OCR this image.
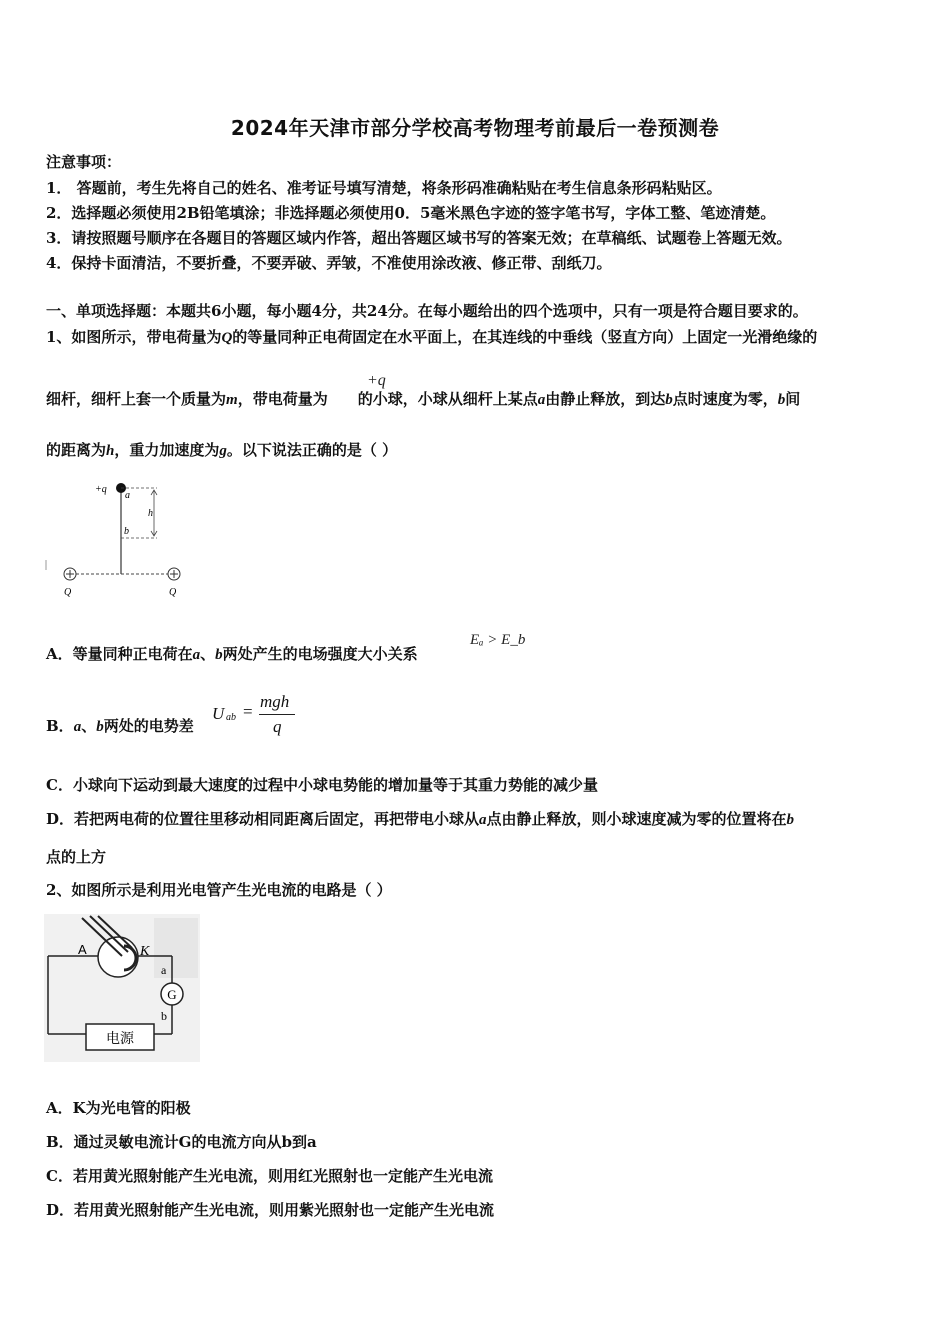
2024年天津市部分学校高考物理考前最后一卷预测卷
注意事项：
1． 答题前，考生先将自己的姓名、准考证号填写清楚，将条形码准确粘贴在考生信息条形码粘贴区。
2．选择题必须使用2B铅笔填涂；非选择题必须使用0．5毫米黑色字迹的签字笔书写，字体工整、笔迹清楚。
3．请按照题号顺序在各题目的答题区域内作答，超出答题区域书写的答案无效；在草稿纸、试题卷上答题无效。
4．保持卡面清洁，不要折叠，不要弄破、弄皱，不准使用涂改液、修正带、刮纸刀。
一、单项选择题：本题共6小题，每小题4分，共24分。在每小题给出的四个选项中，只有一项是符合题目要求的。
1、如图所示，带电荷量为Q的等量同种正电荷固定在水平面上，在其连线的中垂线（竖直方向）上固定一光滑绝缘的
+q
细杆，细杆上套一个质量为m，带电荷量为 的小球，小球从细杆上某点a由静止释放，到达b点时速度为零，b间
的距离为h，重力加速度为g。以下说法正确的是（ ）
+q
a
b
h
Q	Q
A．等量同种正电荷在a、b两处产生的电场强度大小关系
Eₐ > E_b
B．a、b两处的电势差
U ab =
mgh
q
C．小球向下运动到最大速度的过程中小球电势能的增加量等于其重力势能的减少量
D．若把两电荷的位置往里移动相同距离后固定，再把带电小球从a点由静止释放，则小球速度减为零的位置将在b
点的上方
2、如图所示是利用光电管产生光电流的电路是（ ）
电源
G
A	K
a
b
A．K为光电管的阳极
B．通过灵敏电流计G的电流方向从b到a
C．若用黄光照射能产生光电流，则用红光照射也一定能产生光电流
D．若用黄光照射能产生光电流，则用紫光照射也一定能产生光电流
